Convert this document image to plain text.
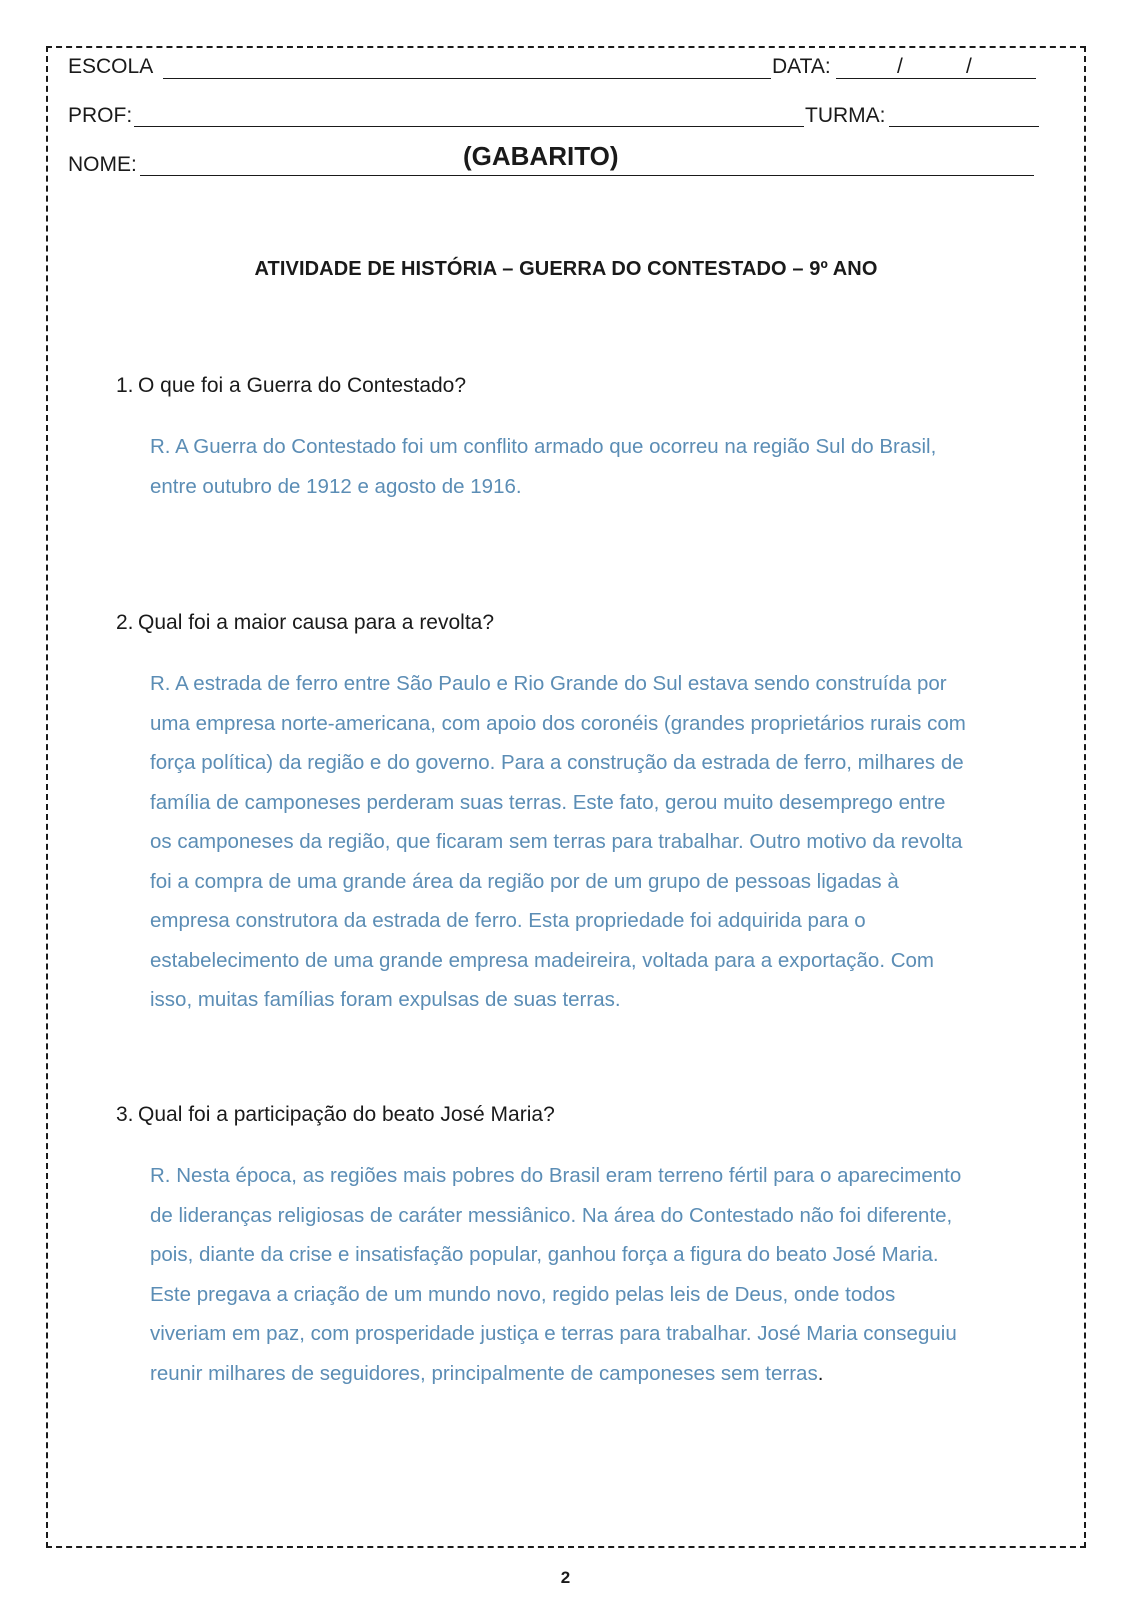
ESCOLA	DATA:	/	/
PROF:	TURMA:
NOME:	(GABARITO)
ATIVIDADE DE HISTÓRIA – GUERRA DO CONTESTADO – 9º ANO
1. O que foi a Guerra do Contestado?
R. A Guerra do Contestado foi um conflito armado que ocorreu na região Sul do Brasil,
entre outubro de 1912 e agosto de 1916.
2. Qual foi a maior causa para a revolta?
R. A estrada de ferro entre São Paulo e Rio Grande do Sul estava sendo construída por
uma empresa norte-americana, com apoio dos coronéis (grandes proprietários rurais com
força política) da região e do governo. Para a construção da estrada de ferro, milhares de
família de camponeses perderam suas terras. Este fato, gerou muito desemprego entre
os camponeses da região, que ficaram sem terras para trabalhar. Outro motivo da revolta
foi a compra de uma grande área da região por de um grupo de pessoas ligadas à
empresa construtora da estrada de ferro. Esta propriedade foi adquirida para o
estabelecimento de uma grande empresa madeireira, voltada para a exportação. Com
isso, muitas famílias foram expulsas de suas terras.
3. Qual foi a participação do beato José Maria?
R. Nesta época, as regiões mais pobres do Brasil eram terreno fértil para o aparecimento
de lideranças religiosas de caráter messiânico. Na área do Contestado não foi diferente,
pois, diante da crise e insatisfação popular, ganhou força a figura do beato José Maria.
Este pregava a criação de um mundo novo, regido pelas leis de Deus, onde todos
viveriam em paz, com prosperidade justiça e terras para trabalhar. José Maria conseguiu
reunir milhares de seguidores, principalmente de camponeses sem terras.
2
